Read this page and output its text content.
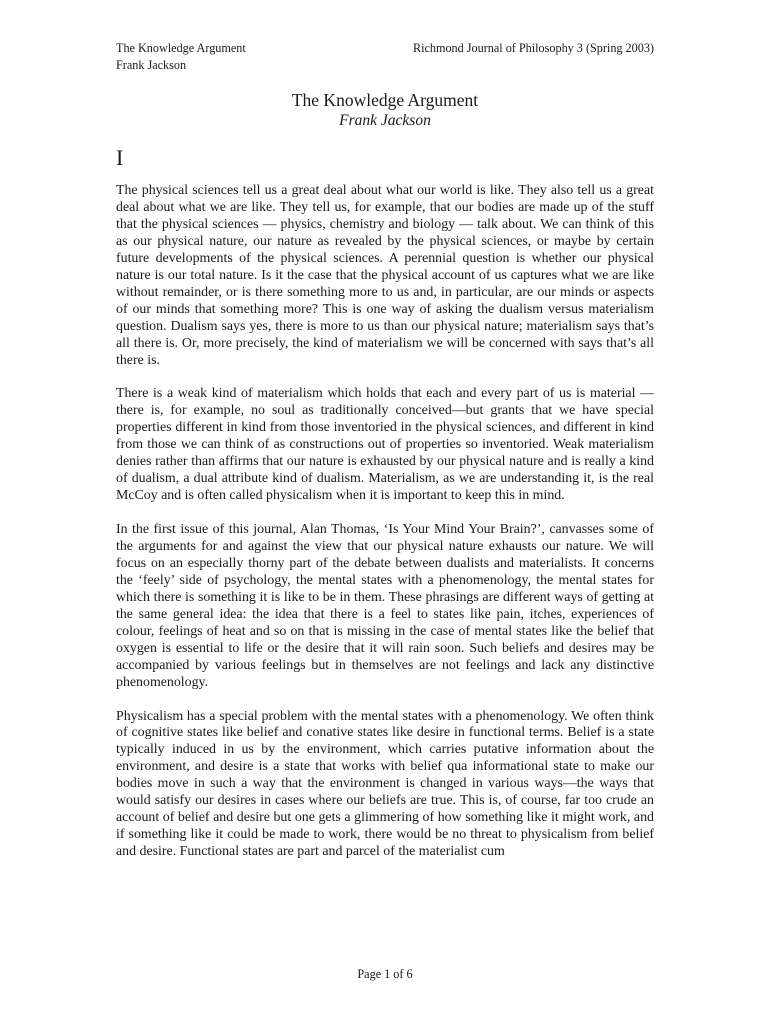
The Knowledge Argument
Frank Jackson
Richmond Journal of Philosophy 3 (Spring 2003)
The Knowledge Argument
Frank Jackson
I

The physical sciences tell us a great deal about what our world is like. They also tell us a great deal about what we are like. They tell us, for example, that our bodies are made up of the stuff that the physical sciences — physics, chemistry and biology — talk about. We can think of this as our physical nature, our nature as revealed by the physical sciences, or maybe by certain future developments of the physical sciences. A perennial question is whether our physical nature is our total nature. Is it the case that the physical account of us captures what we are like without remainder, or is there something more to us and, in particular, are our minds or aspects of our minds that something more? This is one way of asking the dualism versus materialism question. Dualism says yes, there is more to us than our physical nature; materialism says that’s all there is. Or, more precisely, the kind of materialism we will be concerned with says that’s all there is.

There is a weak kind of materialism which holds that each and every part of us is material — there is, for example, no soul as traditionally conceived—but grants that we have special properties different in kind from those inventoried in the physical sciences, and different in kind from those we can think of as constructions out of properties so inventoried. Weak materialism denies rather than affirms that our nature is exhausted by our physical nature and is really a kind of dualism, a dual attribute kind of dualism. Materialism, as we are understanding it, is the real McCoy and is often called physicalism when it is important to keep this in mind.

In the first issue of this journal, Alan Thomas, ‘Is Your Mind Your Brain?’, canvasses some of the arguments for and against the view that our physical nature exhausts our nature. We will focus on an especially thorny part of the debate between dualists and materialists. It concerns the ‘feely’ side of psychology, the mental states with a phenomenology, the mental states for which there is something it is like to be in them. These phrasings are different ways of getting at the same general idea: the idea that there is a feel to states like pain, itches, experiences of colour, feelings of heat and so on that is missing in the case of mental states like the belief that oxygen is essential to life or the desire that it will rain soon. Such beliefs and desires may be accompanied by various feelings but in themselves are not feelings and lack any distinctive phenomenology.

Physicalism has a special problem with the mental states with a phenomenology. We often think of cognitive states like belief and conative states like desire in functional terms. Belief is a state typically induced in us by the environment, which carries putative information about the environment, and desire is a state that works with belief qua informational state to make our bodies move in such a way that the environment is changed in various ways—the ways that would satisfy our desires in cases where our beliefs are true. This is, of course, far too crude an account of belief and desire but one gets a glimmering of how something like it might work, and if something like it could be made to work, there would be no threat to physicalism from belief and desire. Functional states are part and parcel of the materialist cum

Page 1 of 6
